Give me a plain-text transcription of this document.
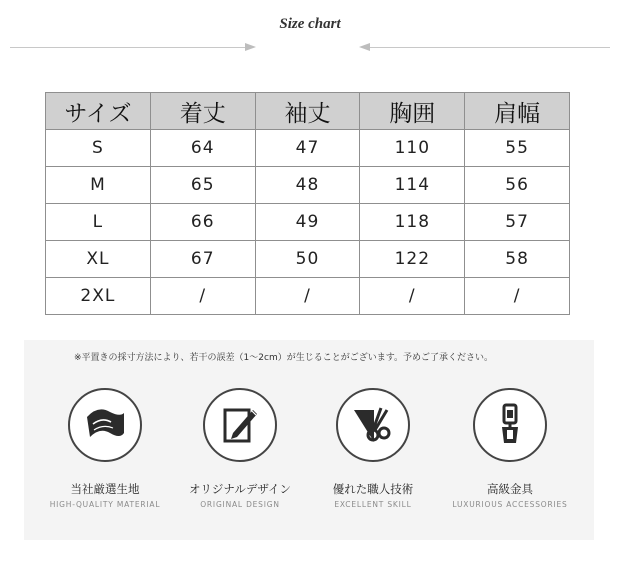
Size chart
サイズ	着丈	袖丈	胸囲	肩幅
S	64	47	110	55
M	65	48	114	56
L	66	49	118	57
XL	67	50	122	58
2XL	/	/	/	/
※平置きの採寸方法により、若干の誤差（1～2cm）が生じることがございます。予めご了承ください。
当社厳選生地
HIGH-QUALITY MATERIAL
オリジナルデザイン
ORIGINAL DESIGN
優れた職人技術
EXCELLENT SKILL
高級金具
LUXURIOUS ACCESSORIES
